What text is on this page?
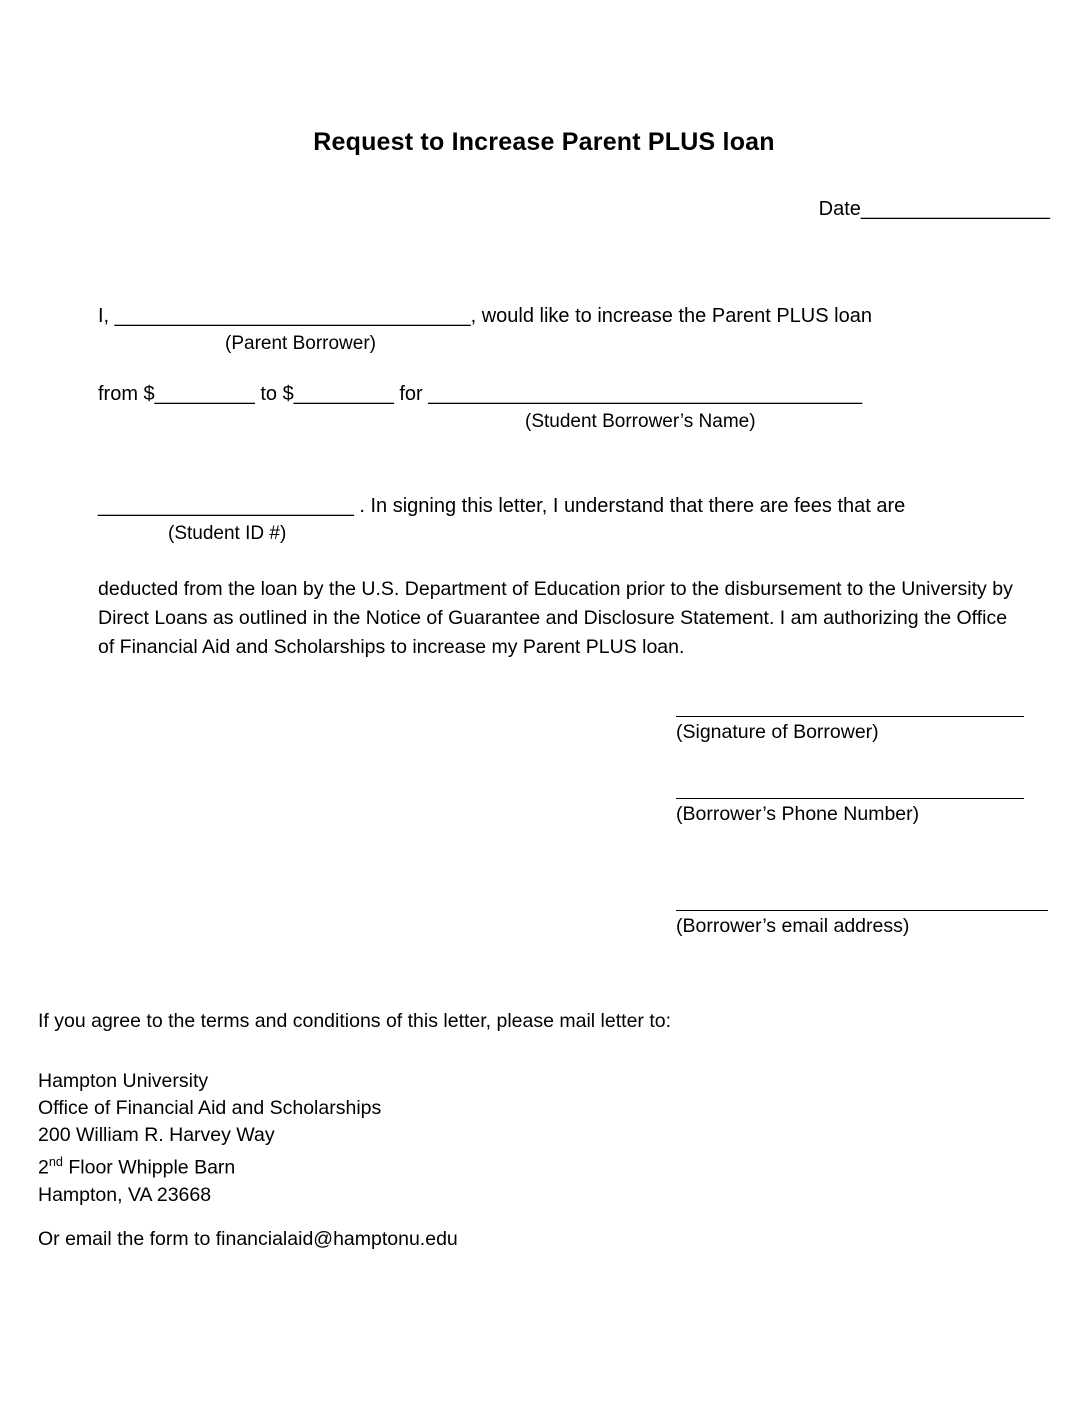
Request to Increase Parent PLUS loan
Date_________________
I, ________________________________, would like to increase the Parent PLUS loan
(Parent Borrower)
from $_________ to $_________ for _______________________________________
(Student Borrower’s Name)
_______________________ . In signing this letter, I understand that there are fees that are
(Student ID #)
deducted from the loan by the U.S. Department of Education prior to the disbursement to the University by Direct Loans as outlined in the Notice of Guarantee and Disclosure Statement. I am authorizing the Office of Financial Aid and Scholarships to increase my Parent PLUS loan.
(Signature of Borrower)
(Borrower’s Phone Number)
(Borrower’s email address)
If you agree to the terms and conditions of this letter, please mail letter to:
Hampton University
Office of Financial Aid and Scholarships
200 William R. Harvey Way
2nd Floor Whipple Barn
Hampton, VA 23668
Or email the form to financialaid@hamptonu.edu
